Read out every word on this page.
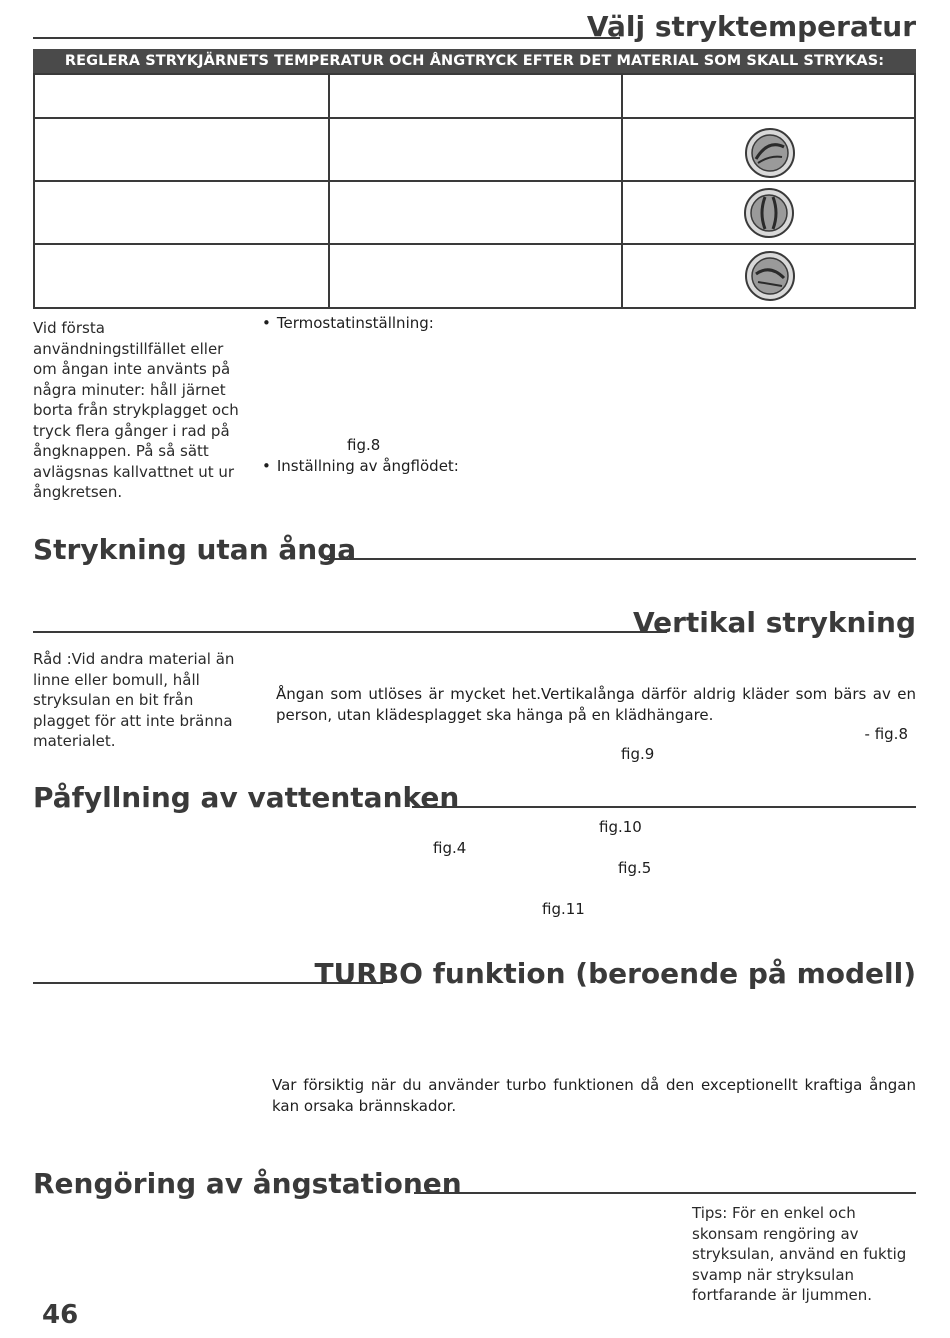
Välj stryktemperatur
REGLERA STRYKJÄRNETS TEMPERATUR OCH ÅNGTRYCK EFTER DET MATERIAL SOM SKALL STRYKAS:
Vid första användningstillfället eller om ångan inte använts på några minuter: håll järnet borta från strykplagget och tryck flera gånger i rad på ångknappen. På så sätt avlägsnas kallvattnet ut ur ångkretsen.
• Termostatinställning:
fig.8
• Inställning av ångflödet:
Strykning utan ånga
Vertikal strykning
Råd :Vid andra material än linne eller bomull, håll stryksulan en bit från plagget för att inte bränna materialet.
Ångan som utlöses är mycket het.Vertikalånga därför aldrig kläder som bärs av en person, utan klädesplagget ska hänga på en klädhängare.
- fig.8
fig.9
Påfyllning av vattentanken
fig.10
fig.4
fig.5
fig.11
TURBO funktion (beroende på modell)
Var försiktig när du använder turbo funktionen då den exceptionellt kraftiga ångan kan orsaka brännskador.
Rengöring av ångstationen
Tips: För en enkel och skonsam rengöring av stryksulan, använd en fuktig svamp när stryksulan fortfarande är ljummen.
46
